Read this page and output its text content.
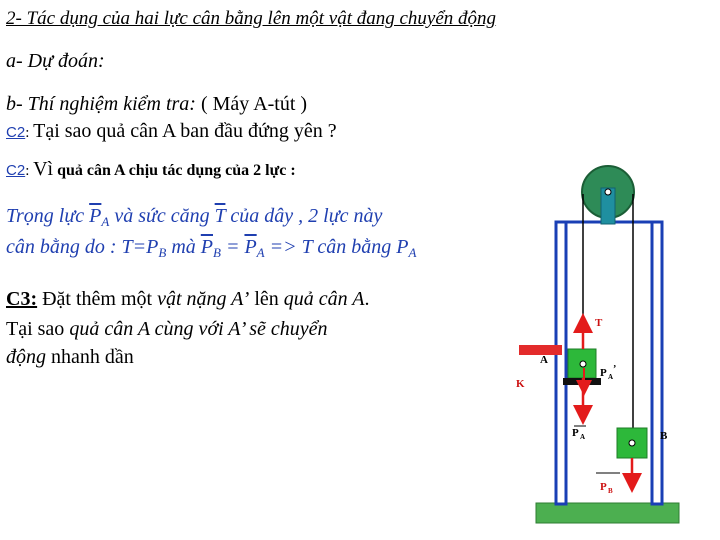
2- Tác dụng của hai lực cân bằng lên một vật đang chuyển động
a- Dự đoán:
b- Thí nghiệm kiểm tra: ( Máy A-tút )
C2: Tại sao quả cân A ban đầu đứng yên ?
C2: Vì quả cân A chịu tác dụng của 2 lực :
Trọng lực $\overline{P}_A$ và sức căng $\overline{T}$ của dây , 2 lực này
cân bằng do : $T=P_B$ mà $\overline{P}_B = \overline{P}_A => T$ cân bằng $P_A$
C3: Đặt thêm một vật nặng A’ lên quả cân A.
Tại sao quả cân A cùng với A’ sẽ chuyển
động nhanh dần
T
A
K
P A
’
P A	B
P B
